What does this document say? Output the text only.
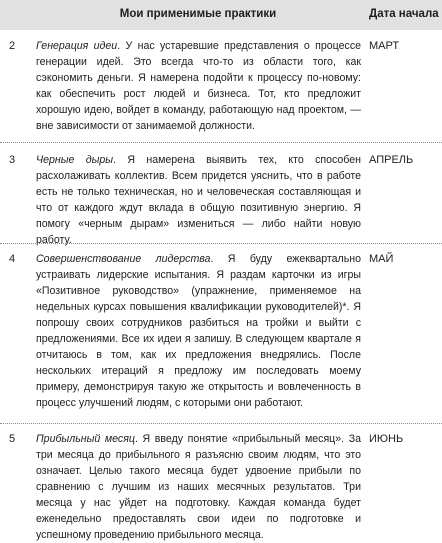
Мои применимые практики	Дата начала
2 Генерация идеи. У нас устаревшие представления о процессе генерации идей. Это всегда что-то из области того, как сэкономить деньги. Я намерена подойти к процессу по-новому: как обеспечить рост людей и бизнеса. Тот, кто предложит хорошую идею, войдет в команду, работающую над проектом, — вне зависимости от занимаемой должности.
МАРТ
3 Черные дыры. Я намерена выявить тех, кто способен расхолаживать коллектив. Всем придется уяснить, что в работе есть не только техническая, но и человеческая составляющая и что от каждого ждут вклада в общую позитивную энергию. Я помогу «черным дырам» измениться — либо найти новую работу.
АПРЕЛЬ
4 Совершенствование лидерства. Я буду ежеквартально устраивать лидерские испытания. Я раздам карточки из игры «Позитивное руководство» (упражнение, применяемое на недельных курсах повышения квалификации руководителей)*. Я попрошу своих сотрудников разбиться на тройки и выйти с предложениями. Все их идеи я запишу. В следующем квартале я отчитаюсь в том, как их предложения внедрялись. После нескольких итераций я предложу им последовать моему примеру, демонстрируя такую же открытость и вовлеченность в процесс улучшений людям, с которыми они работают.
МАЙ
5 Прибыльный месяц. Я введу понятие «прибыльный месяц». За три месяца до прибыльного я разъясню своим людям, что это означает. Целью такого месяца будет удвоение прибыли по сравнению с лучшим из наших месячных результатов. Три месяца у нас уйдет на подготовку. Каждая команда будет еженедельно предоставлять свои идеи по подготовке и успешному проведению прибыльного месяца.
ИЮНЬ
